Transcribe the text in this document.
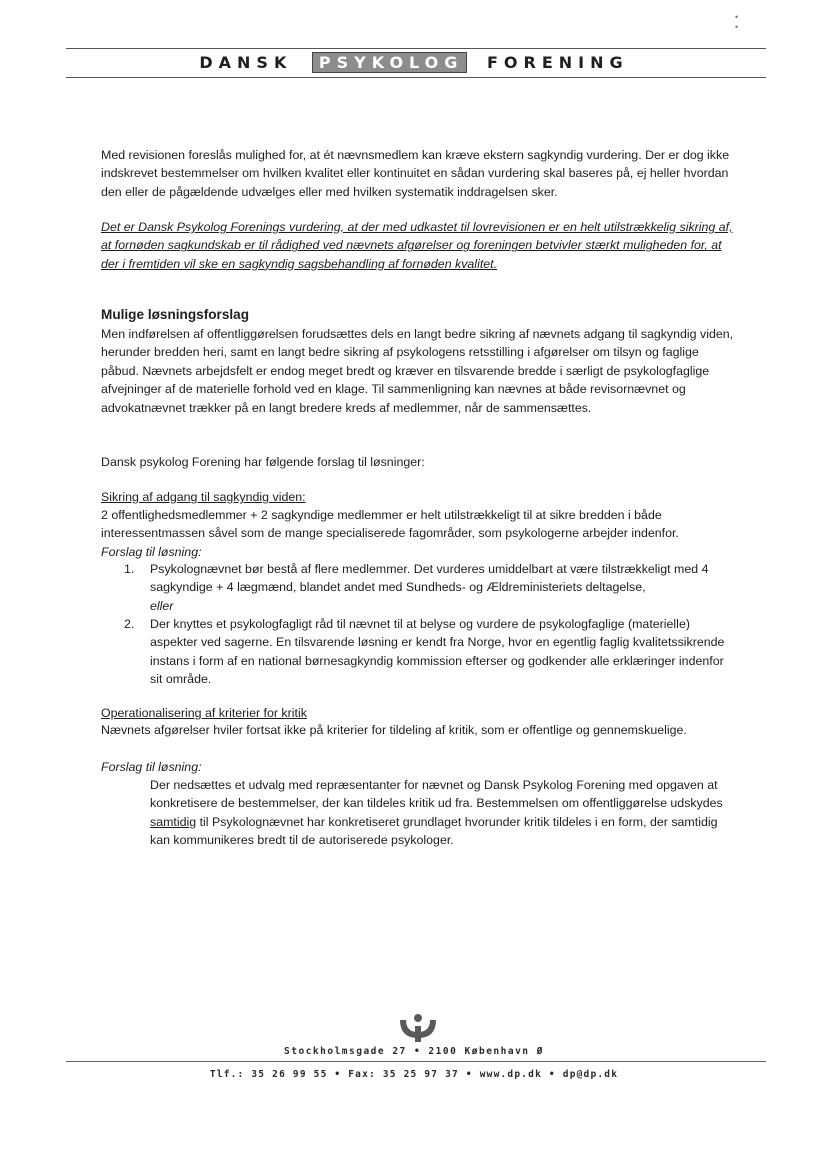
• •
DANSK PSYKOLOG FORENING
Med revisionen foreslås mulighed for, at ét nævnsmedlem kan kræve ekstern sagkyndig vurdering. Der er dog ikke indskrevet bestemmelser om hvilken kvalitet eller kontinuitet en sådan vurdering skal baseres på, ej heller hvordan den eller de pågældende udvælges eller med hvilken systematik inddragelsen sker.
Det er Dansk Psykolog Forenings vurdering, at der med udkastet til lovrevisionen er en helt utilstrækkelig sikring af, at fornøden sagkundskab er til rådighed ved nævnets afgørelser og foreningen betvivler stærkt muligheden for, at der i fremtiden vil ske en sagkyndig sagsbehandling af fornøden kvalitet.
Mulige løsningsforslag
Men indførelsen af offentliggørelsen forudsættes dels en langt bedre sikring af nævnets adgang til sagkyndig viden, herunder bredden heri, samt en langt bedre sikring af psykologens retsstilling i afgørelser om tilsyn og faglige påbud. Nævnets arbejdsfelt er endog meget bredt og kræver en tilsvarende bredde i særligt de psykologfaglige afvejninger af de materielle forhold ved en klage. Til sammenligning kan nævnes at både revisornævnet og advokatnævnet trækker på en langt bredere kreds af medlemmer, når de sammensættes.
Dansk psykolog Forening har følgende forslag til løsninger:
Sikring af adgang til sagkyndig viden:
2 offentlighedsmedlemmer + 2 sagkyndige medlemmer er helt utilstrækkeligt til at sikre bredden i både interessentmassen såvel som de mange specialiserede fagområder, som psykologerne arbejder indenfor.
Forslag til løsning:
1.	Psykolognævnet bør bestå af flere medlemmer. Det vurderes umiddelbart at være tilstrækkeligt med 4 sagkyndige + 4 lægmænd, blandet andet med Sundheds- og Ældreministeriets deltagelse,
eller
2.	Der knyttes et psykologfagligt råd til nævnet til at belyse og vurdere de psykologfaglige (materielle) aspekter ved sagerne. En tilsvarende løsning er kendt fra Norge, hvor en egentlig faglig kvalitetssikrende instans i form af en national børnesagkyndig kommission efterser og godkender alle erklæringer indenfor sit område.
Operationalisering af kriterier for kritik
Nævnets afgørelser hviler fortsat ikke på kriterier for tildeling af kritik, som er offentlige og gennemskuelige.
Forslag til løsning:
Der nedsættes et udvalg med repræsentanter for nævnet og Dansk Psykolog Forening med opgaven at konkretisere de bestemmelser, der kan tildeles kritik ud fra. Bestemmelsen om offentliggørelse udskydes samtidig til Psykolognævnet har konkretiseret grundlaget hvorunder kritik tildeles i en form, der samtidig kan kommunikeres bredt til de autoriserede psykologer.
Stockholmsgade 27 • 2100 København Ø
Tlf.: 35 26 99 55 • Fax: 35 25 97 37 • www.dp.dk • dp@dp.dk
